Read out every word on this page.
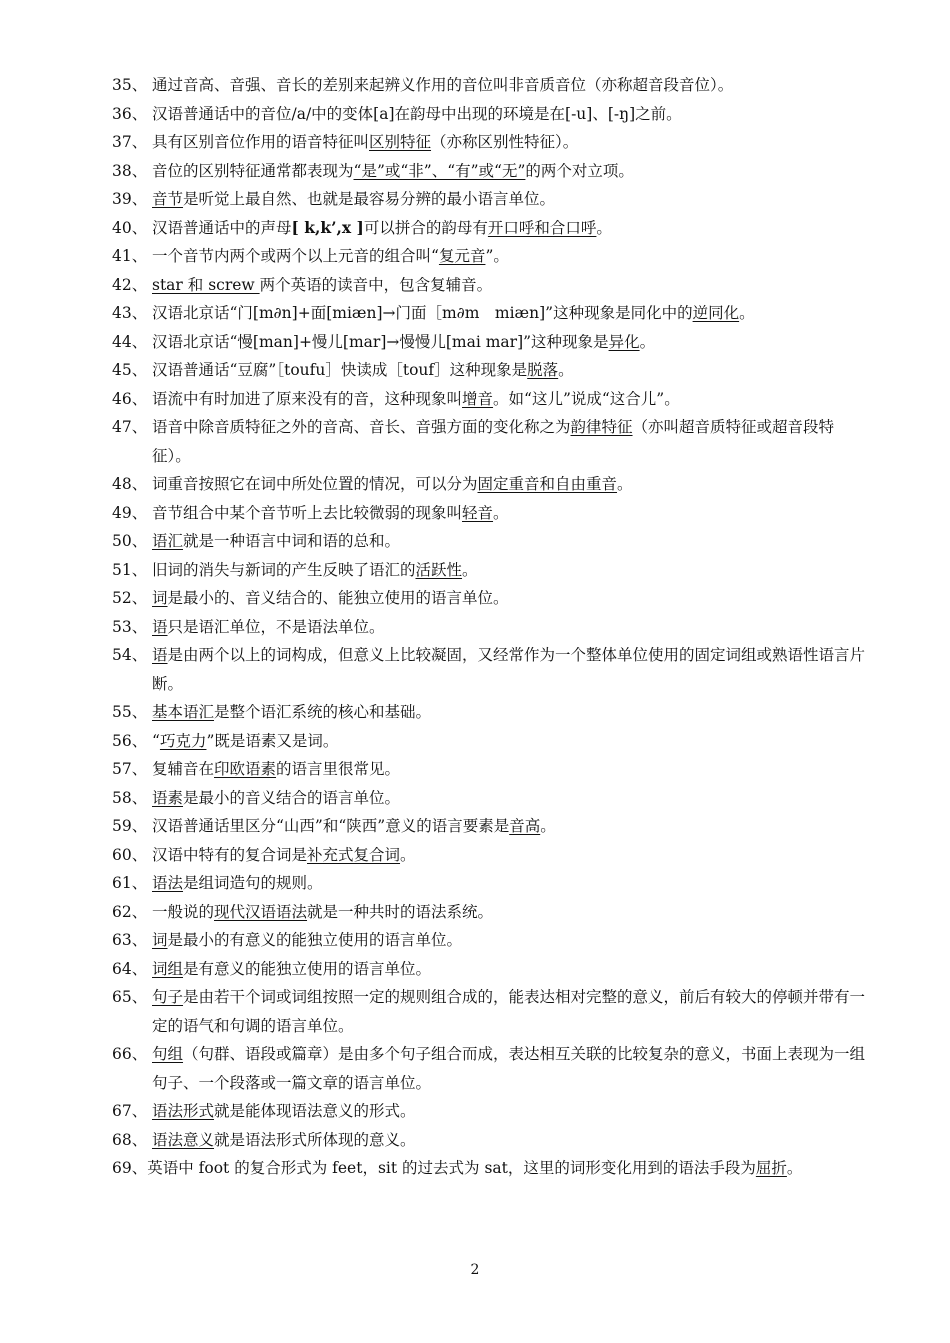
35、 通过音高、音强、音长的差别来起辨义作用的音位叫非音质音位（亦称超音段音位）。
36、 汉语普通话中的音位/a/中的变体[a]在韵母中出现的环境是在[-u]、[-ŋ]之前。
37、 具有区别音位作用的语音特征叫区别特征（亦称区别性特征）。
38、 音位的区别特征通常都表现为“是”或“非”、“有”或“无”的两个对立项。
39、 音节是听觉上最自然、也就是最容易分辨的最小语言单位。
40、 汉语普通话中的声母[ k,k’,x ]可以拼合的韵母有开口呼和合口呼。
41、 一个音节内两个或两个以上元音的组合叫“复元音”。
42、 star 和 screw 两个英语的读音中，包含复辅音。
43、 汉语北京话“门[m∂n]+面[miæn]→门面［m∂m　miæn]”这种现象是同化中的逆同化。
44、 汉语北京话“慢[man]+慢儿[mar]→慢慢儿[mai mar]”这种现象是异化。
45、 汉语普通话“豆腐”［toufu］快读成［touf］这种现象是脱落。
46、 语流中有时加进了原来没有的音，这种现象叫增音。如“这儿”说成“这合儿”。
47、 语音中除音质特征之外的音高、音长、音强方面的变化称之为韵律特征（亦叫超音质特征或超音段特征）。
48、 词重音按照它在词中所处位置的情况，可以分为固定重音和自由重音。
49、 音节组合中某个音节听上去比较微弱的现象叫轻音。
50、 语汇就是一种语言中词和语的总和。
51、 旧词的消失与新词的产生反映了语汇的活跃性。
52、 词是最小的、音义结合的、能独立使用的语言单位。
53、 语只是语汇单位，不是语法单位。
54、 语是由两个以上的词构成，但意义上比较凝固，又经常作为一个整体单位使用的固定词组或熟语性语言片断。
55、 基本语汇是整个语汇系统的核心和基础。
56、 “巧克力”既是语素又是词。
57、 复辅音在印欧语素的语言里很常见。
58、 语素是最小的音义结合的语言单位。
59、 汉语普通话里区分“山西”和“陕西”意义的语言要素是音高。
60、 汉语中特有的复合词是补充式复合词。
61、 语法是组词造句的规则。
62、 一般说的现代汉语语法就是一种共时的语法系统。
63、 词是最小的有意义的能独立使用的语言单位。
64、 词组是有意义的能独立使用的语言单位。
65、 句子是由若干个词或词组按照一定的规则组合成的，能表达相对完整的意义，前后有较大的停顿并带有一定的语气和句调的语言单位。
66、 句组（句群、语段或篇章）是由多个句子组合而成，表达相互关联的比较复杂的意义，书面上表现为一组句子、一个段落或一篇文章的语言单位。
67、 语法形式就是能体现语法意义的形式。
68、 语法意义就是语法形式所体现的意义。
69、英语中 foot 的复合形式为 feet，sit 的过去式为 sat，这里的词形变化用到的语法手段为屈折。
2
